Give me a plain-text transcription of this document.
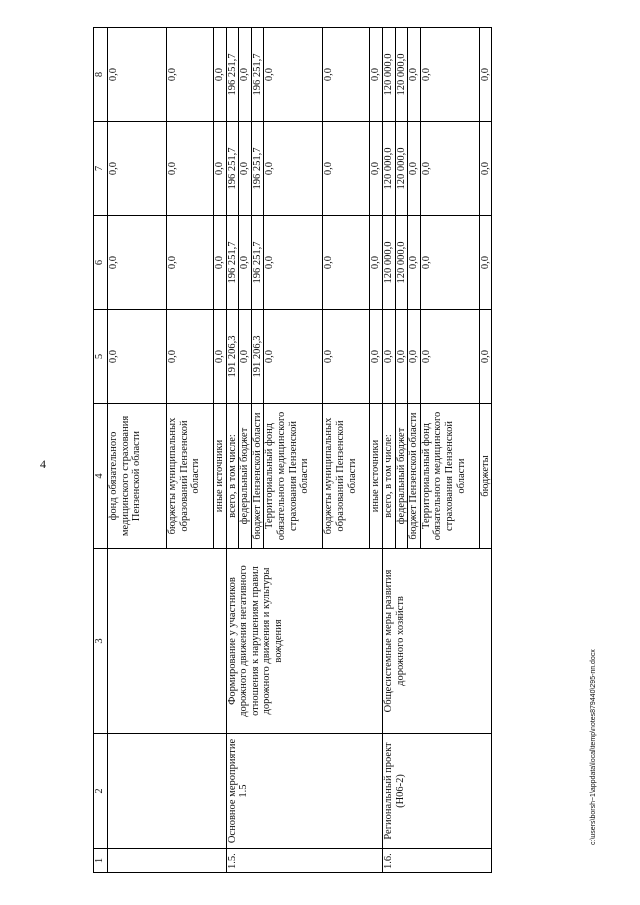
4
1	2	3	4	5	6	7	8
			фонд обязательного медицинского страхования Пензенской области	0,0	0,0	0,0	0,0
			бюджеты муниципальных образований Пензенской области	0,0	0,0	0,0	0,0
			иные источники	0,0	0,0	0,0	0,0
1.5.	Основное мероприятие 1.5	Формирование у участников дорожного движения негативного отношения к нарушениям правил дорожного движения и культуры вождения	всего, в том числе:	191 206,3	196 251,7	196 251,7	196 251,7
			федеральный бюджет	0,0	0,0	0,0	0,0
			бюджет Пензенской области	191 206,3	196 251,7	196 251,7	196 251,7
			Территориальный фонд обязательного медицинского страхования Пензенской области	0,0	0,0	0,0	0,0
			бюджеты муниципальных образований Пензенской области	0,0	0,0	0,0	0,0
			иные источники	0,0	0,0	0,0	0,0
1.6.	Региональный проект (Н06-2)	Общесистемные меры развития дорожного хозяйств	всего, в том числе:	0,0	120 000,0	120 000,0	120 000,0
			федеральный бюджет	0,0	120 000,0	120 000,0	120 000,0
			бюджет Пензенской области	0,0	0,0	0,0	0,0
			Территориальный фонд обязательного медицинского страхования Пензенской области	0,0	0,0	0,0	0,0
			бюджеты	0,0	0,0	0,0	0,0
c:\users\borsh~1\appdata\local\temp\notes879440\295-пп.docx
